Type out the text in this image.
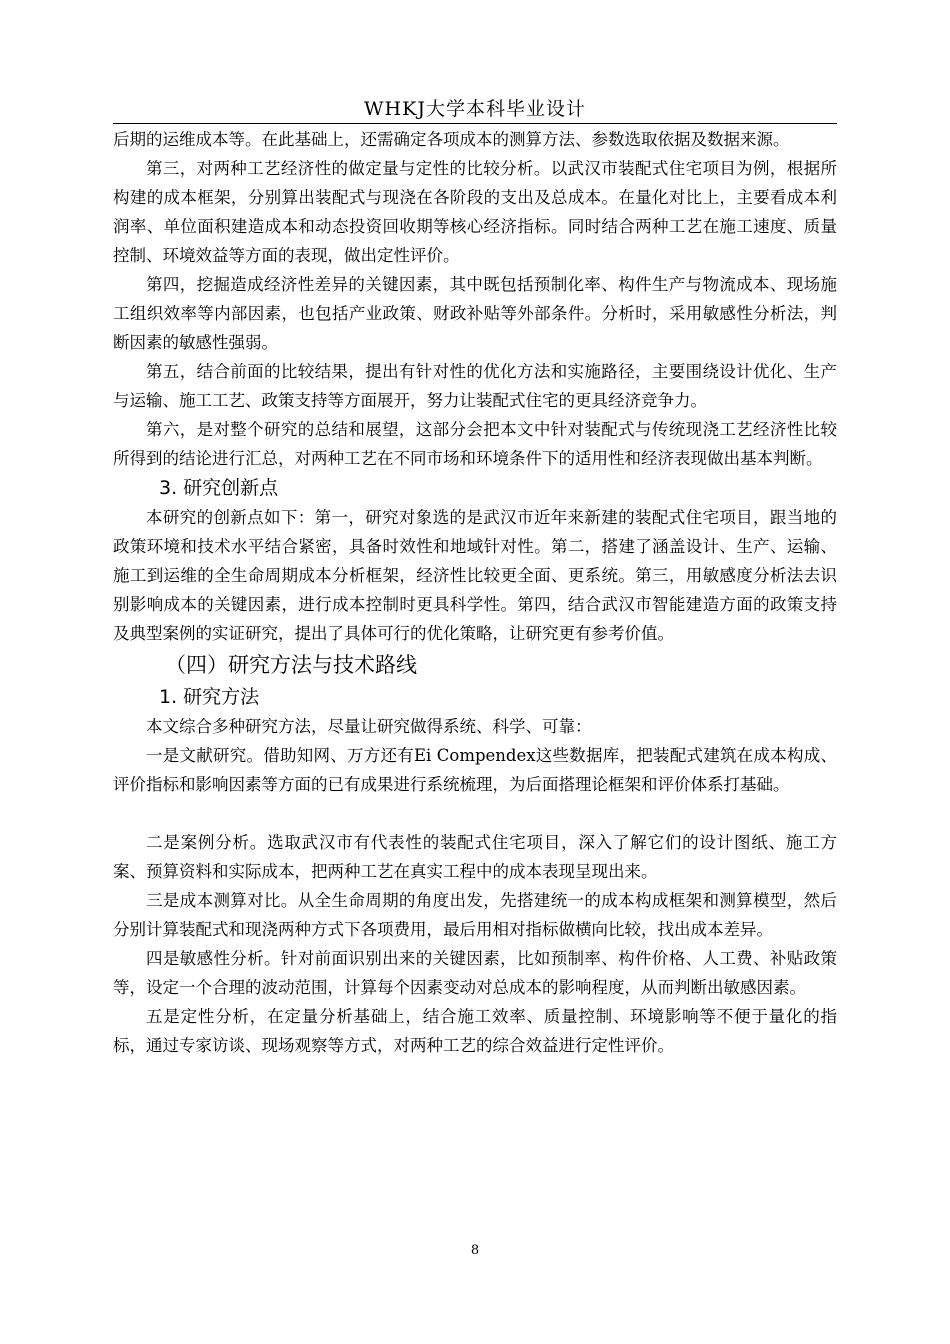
WHKJ大学本科毕业设计

后期的运维成本等。在此基础上，还需确定各项成本的测算方法、参数选取依据及数据来源。

第三，对两种工艺经济性的做定量与定性的比较分析。以武汉市装配式住宅项目为例，根据所构建的成本框架，分别算出装配式与现浇在各阶段的支出及总成本。在量化对比上，主要看成本利润率、单位面积建造成本和动态投资回收期等核心经济指标。同时结合两种工艺在施工速度、质量控制、环境效益等方面的表现，做出定性评价。

第四，挖掘造成经济性差异的关键因素，其中既包括预制化率、构件生产与物流成本、现场施工组织效率等内部因素，也包括产业政策、财政补贴等外部条件。分析时，采用敏感性分析法，判断因素的敏感性强弱。

第五，结合前面的比较结果，提出有针对性的优化方法和实施路径，主要围绕设计优化、生产与运输、施工工艺、政策支持等方面展开，努力让装配式住宅的更具经济竞争力。

第六，是对整个研究的总结和展望，这部分会把本文中针对装配式与传统现浇工艺经济性比较所得到的结论进行汇总，对两种工艺在不同市场和环境条件下的适用性和经济表现做出基本判断。

3. 研究创新点

本研究的创新点如下：第一，研究对象选的是武汉市近年来新建的装配式住宅项目，跟当地的政策环境和技术水平结合紧密，具备时效性和地域针对性。第二，搭建了涵盖设计、生产、运输、施工到运维的全生命周期成本分析框架，经济性比较更全面、更系统。第三，用敏感度分析法去识别影响成本的关键因素，进行成本控制时更具科学性。第四，结合武汉市智能建造方面的政策支持及典型案例的实证研究，提出了具体可行的优化策略，让研究更有参考价值。

（四）研究方法与技术路线

1. 研究方法

本文综合多种研究方法，尽量让研究做得系统、科学、可靠：

一是文献研究。借助知网、万方还有Ei Compendex这些数据库，把装配式建筑在成本构成、评价指标和影响因素等方面的已有成果进行系统梳理，为后面搭理论框架和评价体系打基础。

二是案例分析。选取武汉市有代表性的装配式住宅项目，深入了解它们的设计图纸、施工方案、预算资料和实际成本，把两种工艺在真实工程中的成本表现呈现出来。

三是成本测算对比。从全生命周期的角度出发，先搭建统一的成本构成框架和测算模型，然后分别计算装配式和现浇两种方式下各项费用，最后用相对指标做横向比较，找出成本差异。

四是敏感性分析。针对前面识别出来的关键因素，比如预制率、构件价格、人工费、补贴政策等，设定一个合理的波动范围，计算每个因素变动对总成本的影响程度，从而判断出敏感因素。

五是定性分析，在定量分析基础上，结合施工效率、质量控制、环境影响等不便于量化的指标，通过专家访谈、现场观察等方式，对两种工艺的综合效益进行定性评价。

8
